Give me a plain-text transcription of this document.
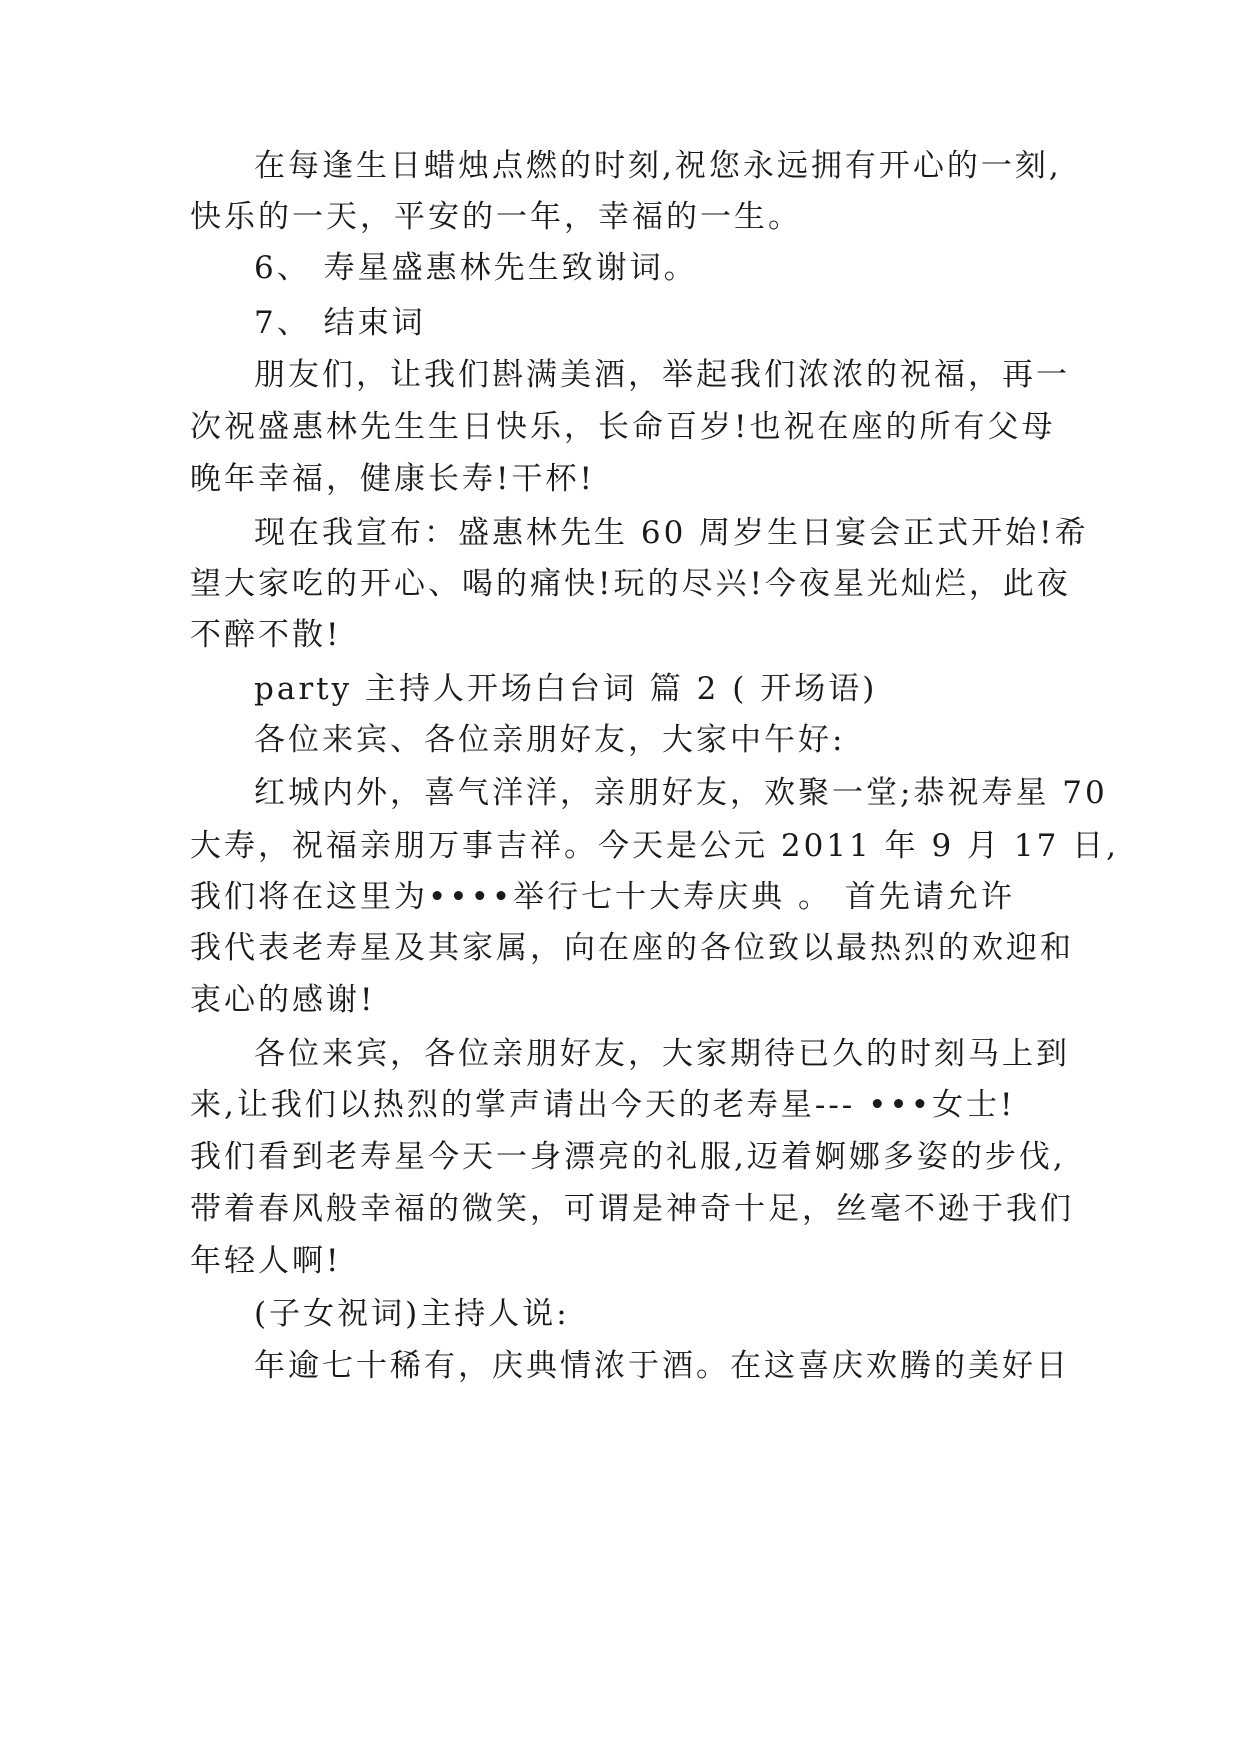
在每逢生日蜡烛点燃的时刻,祝您永远拥有开心的一刻,
快乐的一天，平安的一年，幸福的一生。
6、 寿星盛惠林先生致谢词。
7、 结束词
朋友们，让我们斟满美酒，举起我们浓浓的祝福，再一
次祝盛惠林先生生日快乐，长命百岁!也祝在座的所有父母
晚年幸福，健康长寿!干杯!
现在我宣布：盛惠林先生 60 周岁生日宴会正式开始!希
望大家吃的开心、喝的痛快!玩的尽兴!今夜星光灿烂，此夜
不醉不散!
party 主持人开场白台词 篇 2 ( 开场语)
各位来宾、各位亲朋好友，大家中午好:
红城内外，喜气洋洋，亲朋好友，欢聚一堂;恭祝寿星 70
大寿，祝福亲朋万事吉祥。今天是公元 2011 年 9 月 17 日,
我们将在这里为••••举行七十大寿庆典 。 首先请允许
我代表老寿星及其家属，向在座的各位致以最热烈的欢迎和
衷心的感谢!
各位来宾，各位亲朋好友，大家期待已久的时刻马上到
来,让我们以热烈的掌声请出今天的老寿星--- •••女士!
我们看到老寿星今天一身漂亮的礼服,迈着婀娜多姿的步伐,
带着春风般幸福的微笑，可谓是神奇十足，丝毫不逊于我们
年轻人啊!
(子女祝词)主持人说:
年逾七十稀有，庆典情浓于酒。在这喜庆欢腾的美好日
